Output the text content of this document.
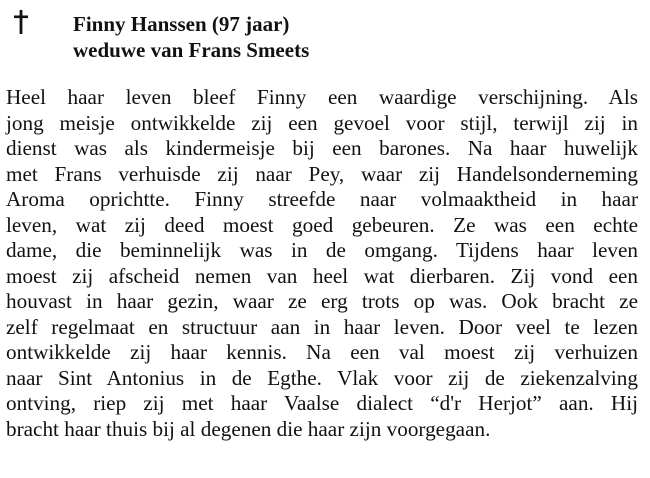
Finny Hanssen (97 jaar)
weduwe van Frans Smeets
Heel haar leven bleef Finny een waardige verschijning. Als
jong meisje ontwikkelde zij een gevoel voor stijl, terwijl zij in
dienst was als kindermeisje bij een barones. Na haar huwelijk
met Frans verhuisde zij naar Pey, waar zij Handelsonderneming
Aroma oprichtte. Finny streefde naar volmaaktheid in haar
leven, wat zij deed moest goed gebeuren. Ze was een echte
dame, die beminnelijk was in de omgang. Tijdens haar leven
moest zij afscheid nemen van heel wat dierbaren. Zij vond een
houvast in haar gezin, waar ze erg trots op was. Ook bracht ze
zelf regelmaat en structuur aan in haar leven. Door veel te lezen
ontwikkelde zij haar kennis. Na een val moest zij verhuizen
naar Sint Antonius in de Egthe. Vlak voor zij de ziekenzalving
ontving, riep zij met haar Vaalse dialect “d'r Herjot” aan. Hij
bracht haar thuis bij al degenen die haar zijn voorgegaan.
